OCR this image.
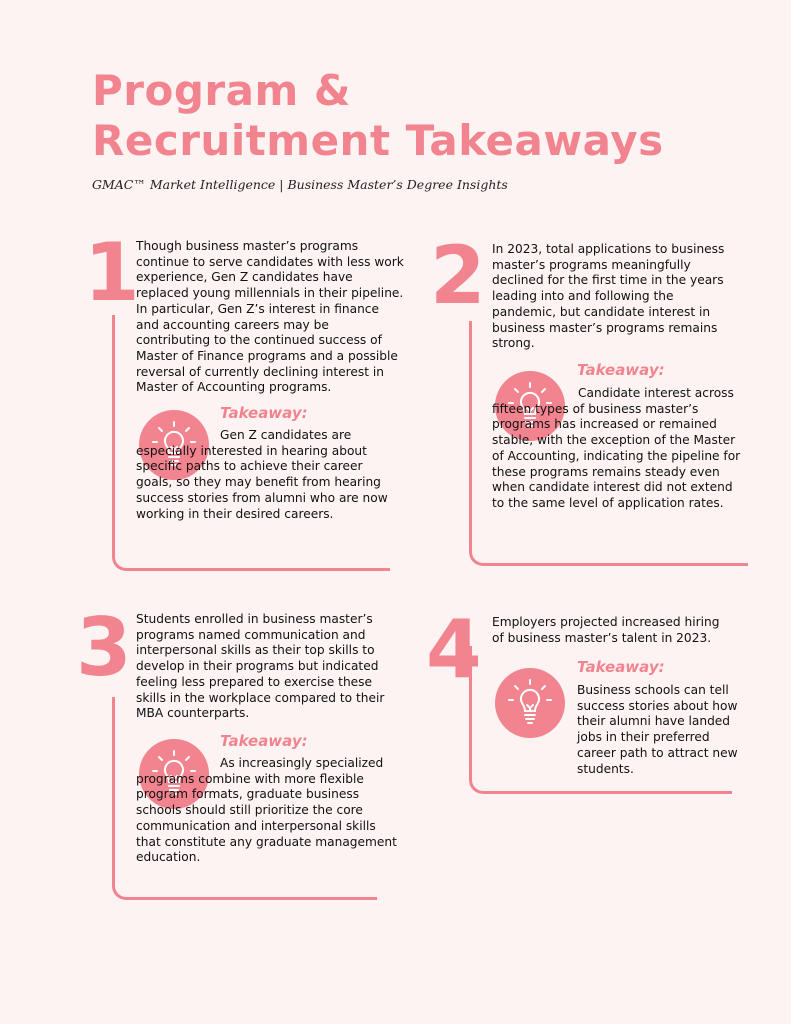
Program &
Recruitment Takeaways
GMAC™ Market Intelligence | Business Master’s Degree Insights
1

Though business master’s programs continue to serve candidates with less work experience, Gen Z candidates have replaced young millennials in their pipeline. In particular, Gen Z’s interest in finance and accounting careers may be contributing to the continued success of Master of Finance programs and a possible reversal of currently declining interest in Master of Accounting programs.

Takeaway:

Gen Z candidates are especially interested in hearing about specific paths to achieve their career goals, so they may benefit from hearing success stories from alumni who are now working in their desired careers.

2 In 2023, total applications to business master’s programs meaningfully declined for the first time in the years leading into and following the pandemic, but candidate interest in business master’s programs remains strong.

Takeaway:

Candidate interest across fifteen types of business master’s programs has increased or remained stable, with the exception of the Master of Accounting, indicating the pipeline for these programs remains steady even when candidate interest did not extend to the same level of application rates.

3 Students enrolled in business master’s programs named communication and interpersonal skills as their top skills to develop in their programs but indicated feeling less prepared to exercise these skills in the workplace compared to their MBA counterparts.

Takeaway:

As increasingly specialized programs combine with more flexible program formats, graduate business schools should still prioritize the core communication and interpersonal skills that constitute any graduate management education.

4 Employers projected increased hiring of business master’s talent in 2023.

Takeaway:

Business schools can tell success stories about how their alumni have landed jobs in their preferred career path to attract new students.
